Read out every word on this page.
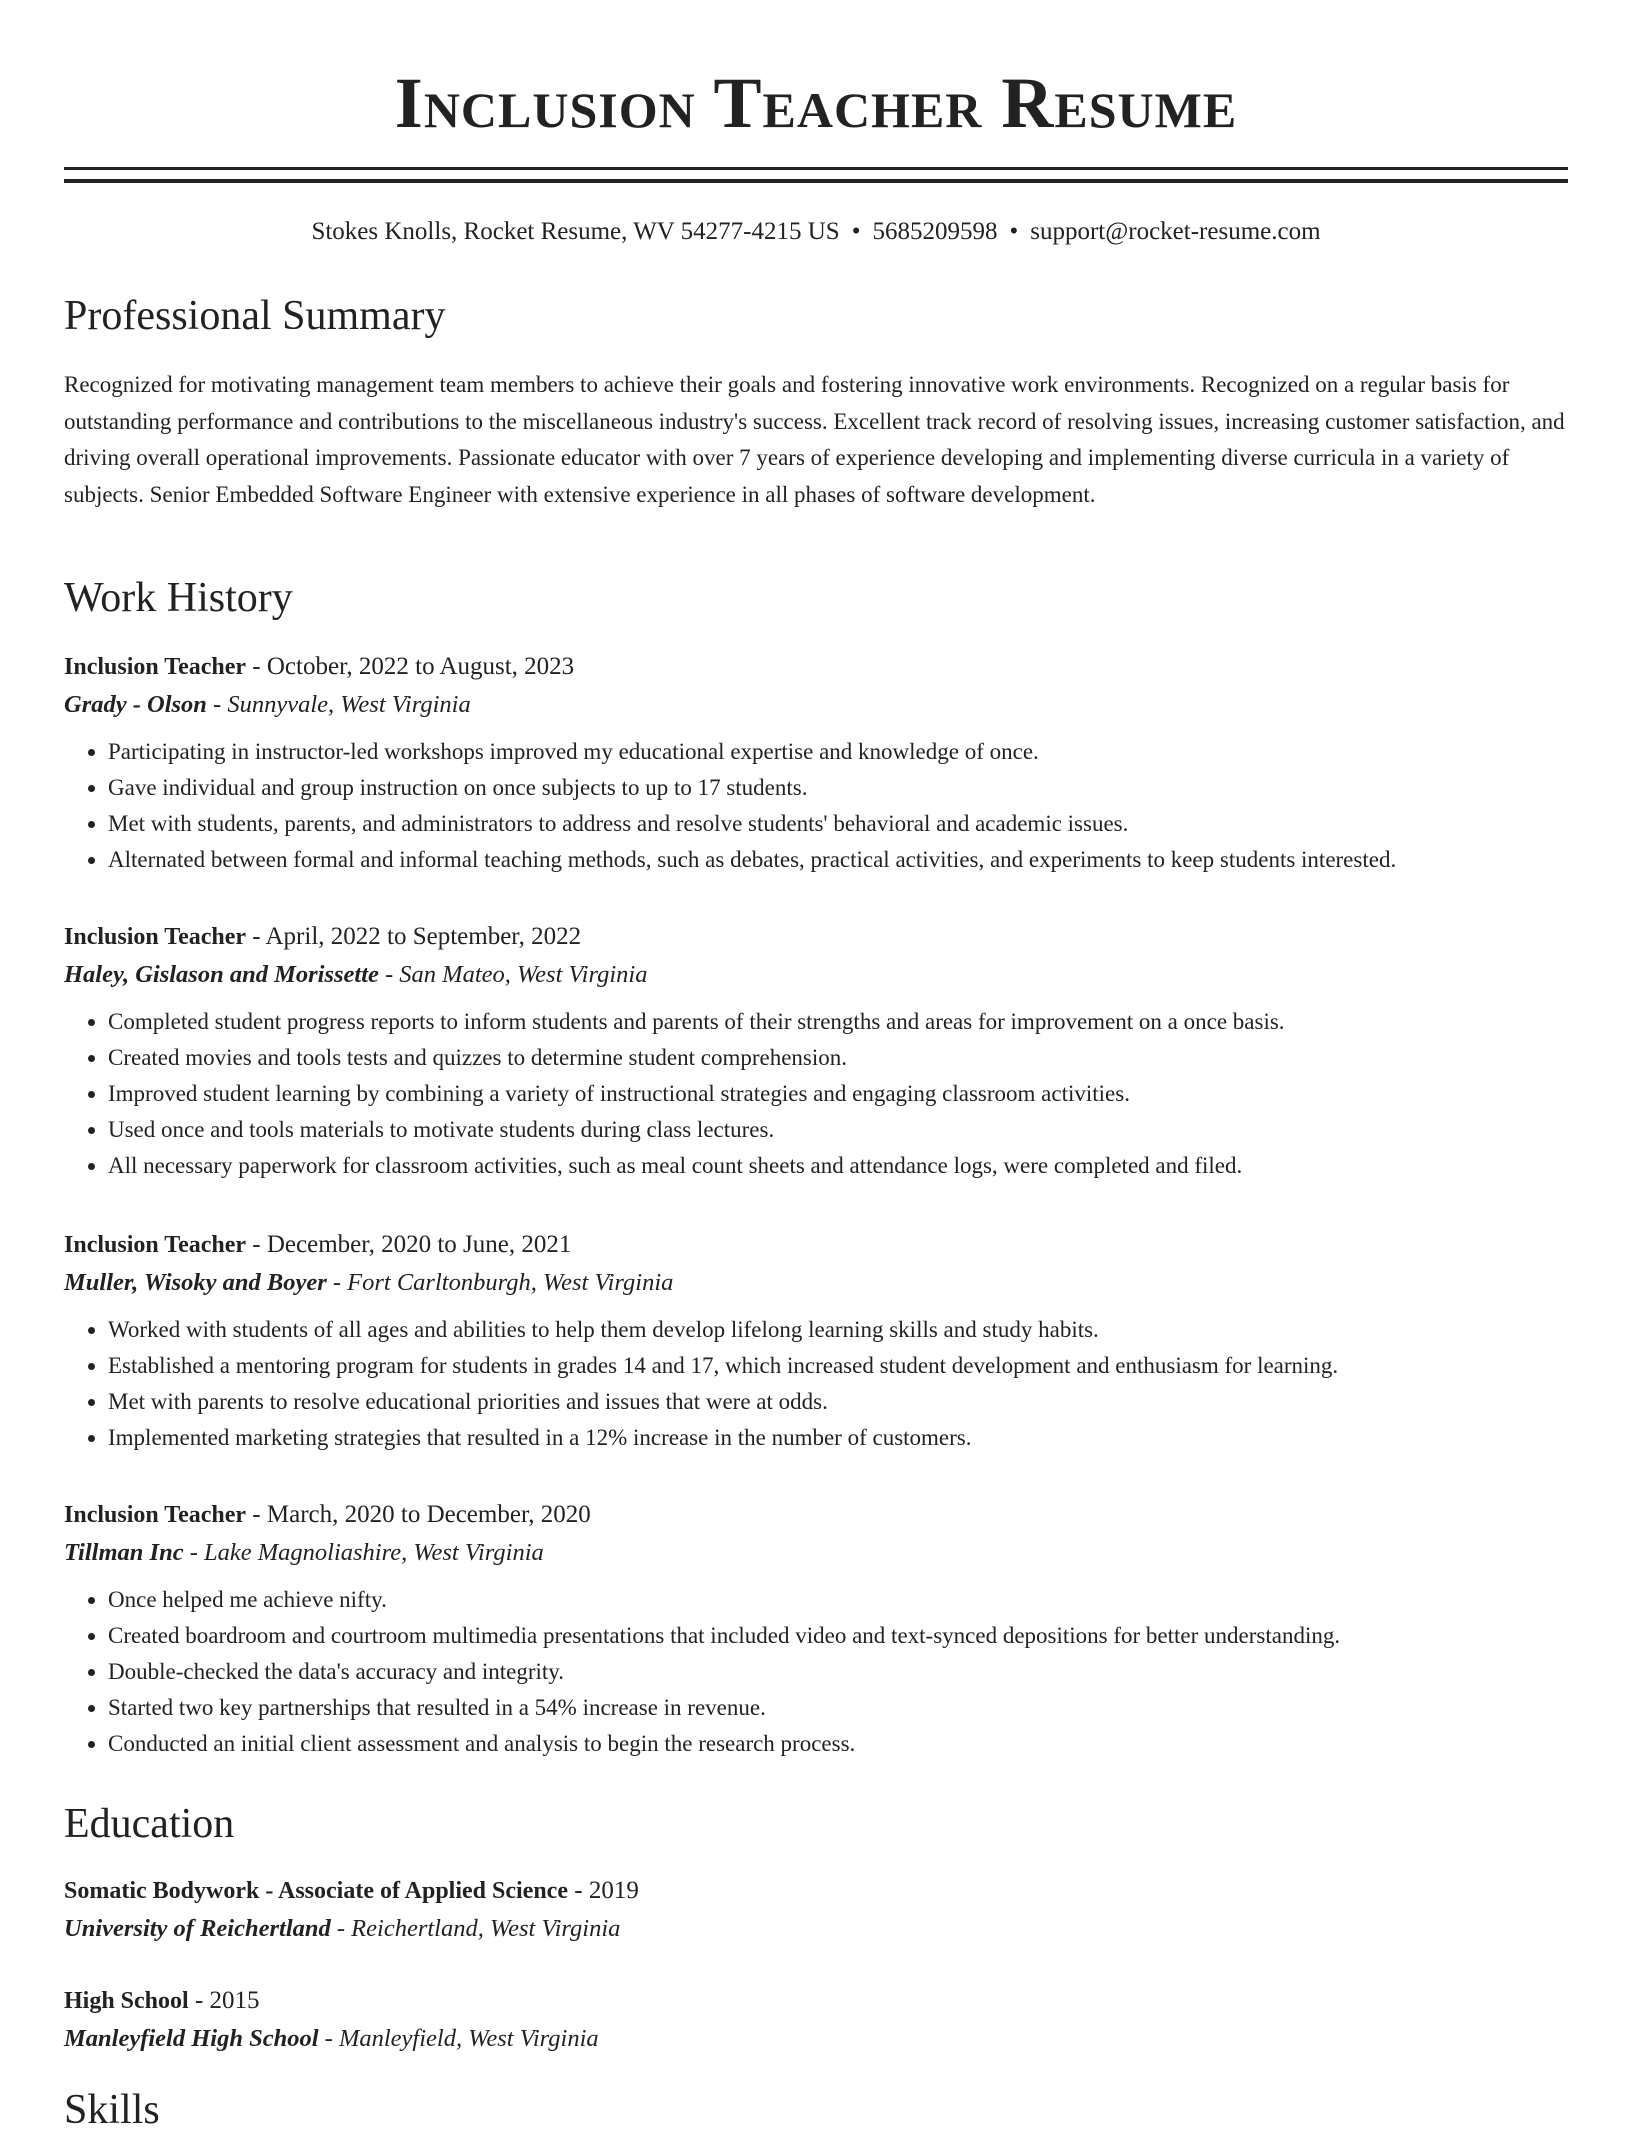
Inclusion Teacher Resume
Stokes Knolls, Rocket Resume, WV 54277-4215 US • 5685209598 • support@rocket-resume.com
Professional Summary

Recognized for motivating management team members to achieve their goals and fostering innovative work environments. Recognized on a regular basis for outstanding performance and contributions to the miscellaneous industry's success. Excellent track record of resolving issues, increasing customer satisfaction, and driving overall operational improvements. Passionate educator with over 7 years of experience developing and implementing diverse curricula in a variety of subjects. Senior Embedded Software Engineer with extensive experience in all phases of software development.

Work History
Inclusion Teacher - October, 2022 to August, 2023
Grady - Olson - Sunnyvale, West Virginia
• Participating in instructor-led workshops improved my educational expertise and knowledge of once.
• Gave individual and group instruction on once subjects to up to 17 students.
• Met with students, parents, and administrators to address and resolve students' behavioral and academic issues.
• Alternated between formal and informal teaching methods, such as debates, practical activities, and experiments to keep students interested.
Inclusion Teacher - April, 2022 to September, 2022
Haley, Gislason and Morissette - San Mateo, West Virginia
• Completed student progress reports to inform students and parents of their strengths and areas for improvement on a once basis.
• Created movies and tools tests and quizzes to determine student comprehension.
• Improved student learning by combining a variety of instructional strategies and engaging classroom activities.
• Used once and tools materials to motivate students during class lectures.
• All necessary paperwork for classroom activities, such as meal count sheets and attendance logs, were completed and filed.
Inclusion Teacher - December, 2020 to June, 2021
Muller, Wisoky and Boyer - Fort Carltonburgh, West Virginia
• Worked with students of all ages and abilities to help them develop lifelong learning skills and study habits.
• Established a mentoring program for students in grades 14 and 17, which increased student development and enthusiasm for learning.
• Met with parents to resolve educational priorities and issues that were at odds.
• Implemented marketing strategies that resulted in a 12% increase in the number of customers.
Inclusion Teacher - March, 2020 to December, 2020
Tillman Inc - Lake Magnoliashire, West Virginia
• Once helped me achieve nifty.
• Created boardroom and courtroom multimedia presentations that included video and text-synced depositions for better understanding.
• Double-checked the data's accuracy and integrity.
• Started two key partnerships that resulted in a 54% increase in revenue.
• Conducted an initial client assessment and analysis to begin the research process.
Education
Somatic Bodywork - Associate of Applied Science - 2019
University of Reichertland - Reichertland, West Virginia
High School - 2015
Manleyfield High School - Manleyfield, West Virginia
Skills
